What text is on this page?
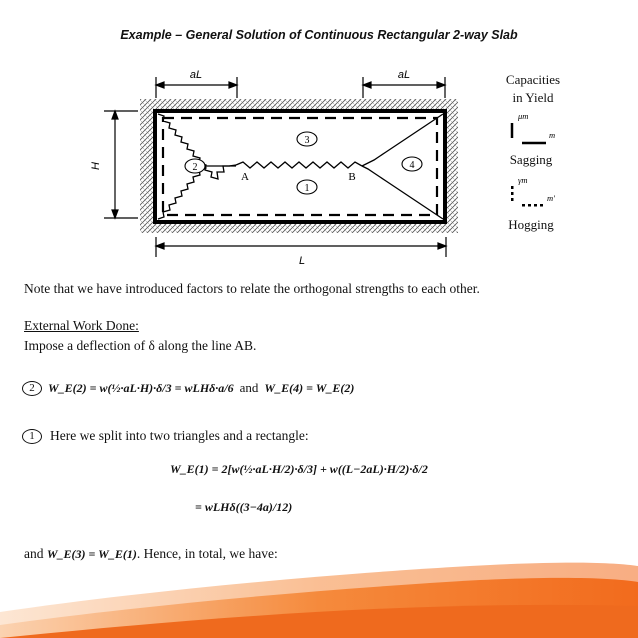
Example – General Solution of Continuous Rectangular 2-way Slab
aL	aL
H
L
3
2	4
1
A	B
μm
m
γm
m'
Capacities
in Yield
Sagging
Hogging
Note that we have introduced factors to relate the orthogonal strengths to each other.
External Work Done:
Impose a deflection of δ along the line AB.
2	W_E(2) = w(½·aL·H)·δ/3 = wLHδ·a/6 and W_E(4) = W_E(2)
1	Here we split into two triangles and a rectangle:
W_E(1) = 2[w(½·aL·H/2)·δ/3] + w((L−2aL)·H/2)·δ/2
= wLHδ((3−4a)/12)
and W_E(3) = W_E(1). Hence, in total, we have:
